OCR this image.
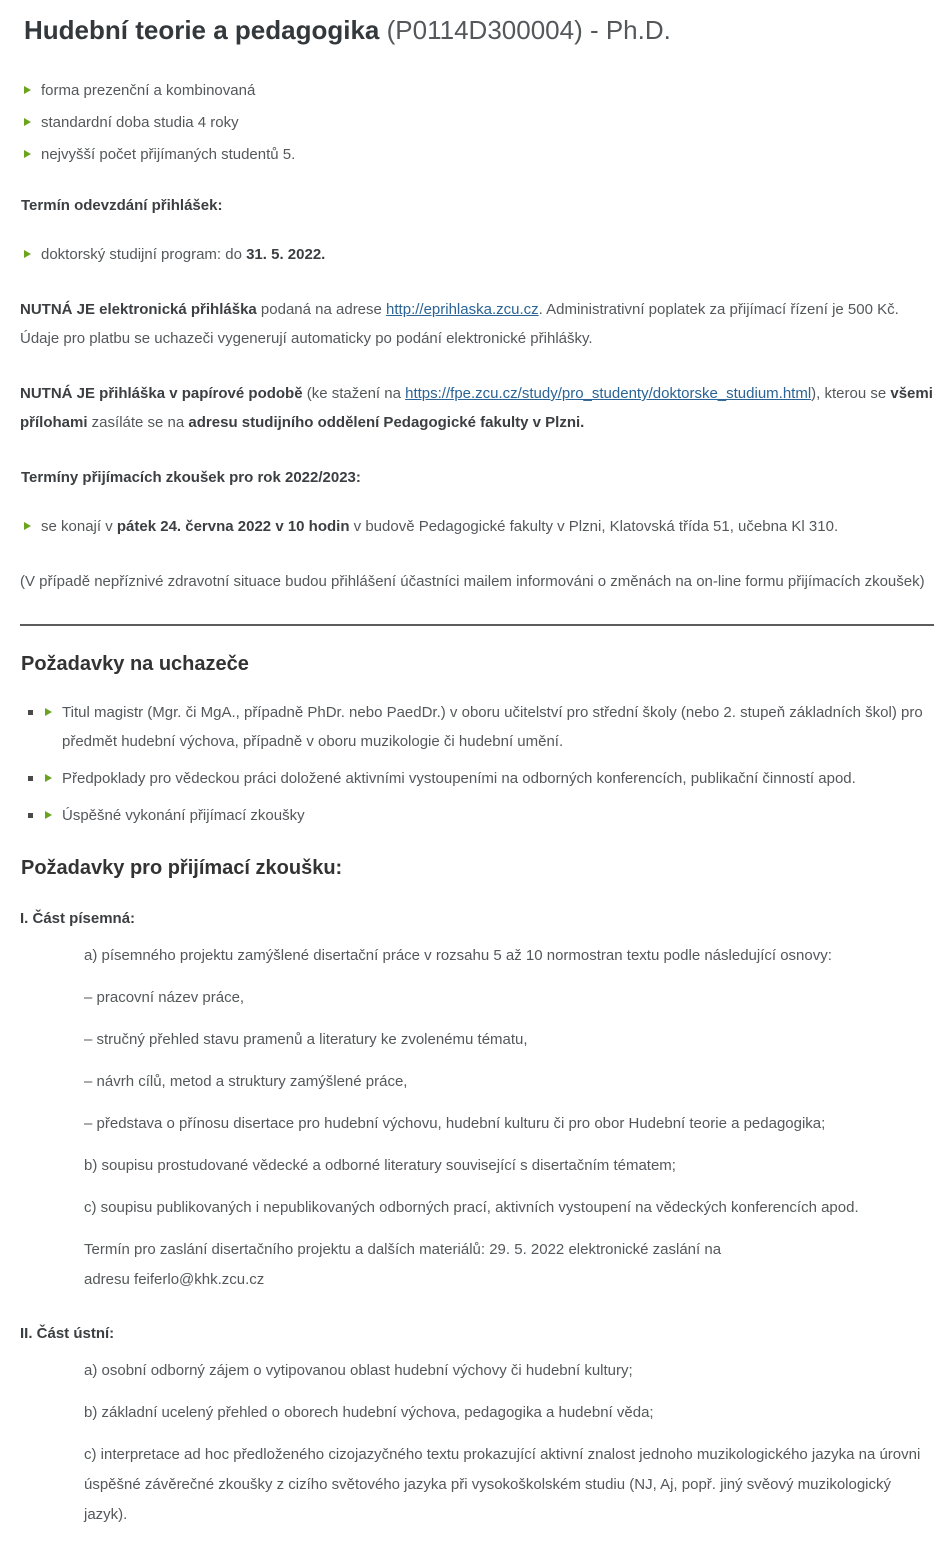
Hudební teorie a pedagogika (P0114D300004) - Ph.D.
forma prezenční a kombinovaná
standardní doba studia 4 roky
nejvyšší počet přijímaných studentů 5.

Termín odevzdání přihlášek:

doktorský studijní program: do 31. 5. 2022.

NUTNÁ JE elektronická přihláška podaná na adrese http://eprihlaska.zcu.cz. Administrativní poplatek za přijímací řízení je 500 Kč. Údaje pro platbu se uchazeči vygenerují automaticky po podání elektronické přihlášky.

NUTNÁ JE přihláška v papírové podobě (ke stažení na https://fpe.zcu.cz/study/pro_studenty/doktorske_studium.html), kterou se všemi přílohami zasíláte se na adresu studijního oddělení Pedagogické fakulty v Plzni.

Termíny přijímacích zkoušek pro rok 2022/2023:

se konají v pátek 24. června 2022 v 10 hodin v budově Pedagogické fakulty v Plzni, Klatovská třída 51, učebna Kl 310.

(V případě nepříznivé zdravotní situace budou přihlášení účastníci mailem informováni o změnách na on-line formu přijímacích zkoušek)

Požadavky na uchazeče
Titul magistr (Mgr. či MgA., případně PhDr. nebo PaedDr.) v oboru učitelství pro střední školy (nebo 2. stupeň základních škol) pro předmět hudební výchova, případně v oboru muzikologie či hudební umění.
Předpoklady pro vědeckou práci doložené aktivními vystoupeními na odborných konferencích, publikační činností apod.
Úspěšné vykonání přijímací zkoušky
Požadavky pro přijímací zkoušku:
I. Část písemná:

a) písemného projektu zamýšlené disertační práce v rozsahu 5 až 10 normostran textu podle následující osnovy:

– pracovní název práce,

– stručný přehled stavu pramenů a literatury ke zvolenému tématu,

– návrh cílů, metod a struktury zamýšlené práce,

– představa o přínosu disertace pro hudební výchovu, hudební kulturu či pro obor Hudební teorie a pedagogika;

b) soupisu prostudované vědecké a odborné literatury související s disertačním tématem;

c) soupisu publikovaných i nepublikovaných odborných prací, aktivních vystoupení na vědeckých konferencích apod.

Termín pro zaslání disertačního projektu a dalších materiálů: 29. 5. 2022 elektronické zaslání na
adresu feiferlo@khk.zcu.cz

II. Část ústní:

a) osobní odborný zájem o vytipovanou oblast hudební výchovy či hudební kultury;

b) základní ucelený přehled o oborech hudební výchova, pedagogika a hudební věda;

c) interpretace ad hoc předloženého cizojazyčného textu prokazující aktivní znalost jednoho muzikologického jazyka na úrovni úspěšné závěrečné zkoušky z cizího světového jazyka při vysokoškolském studiu (NJ, Aj, popř. jiný svěový muzikologický jazyk).
